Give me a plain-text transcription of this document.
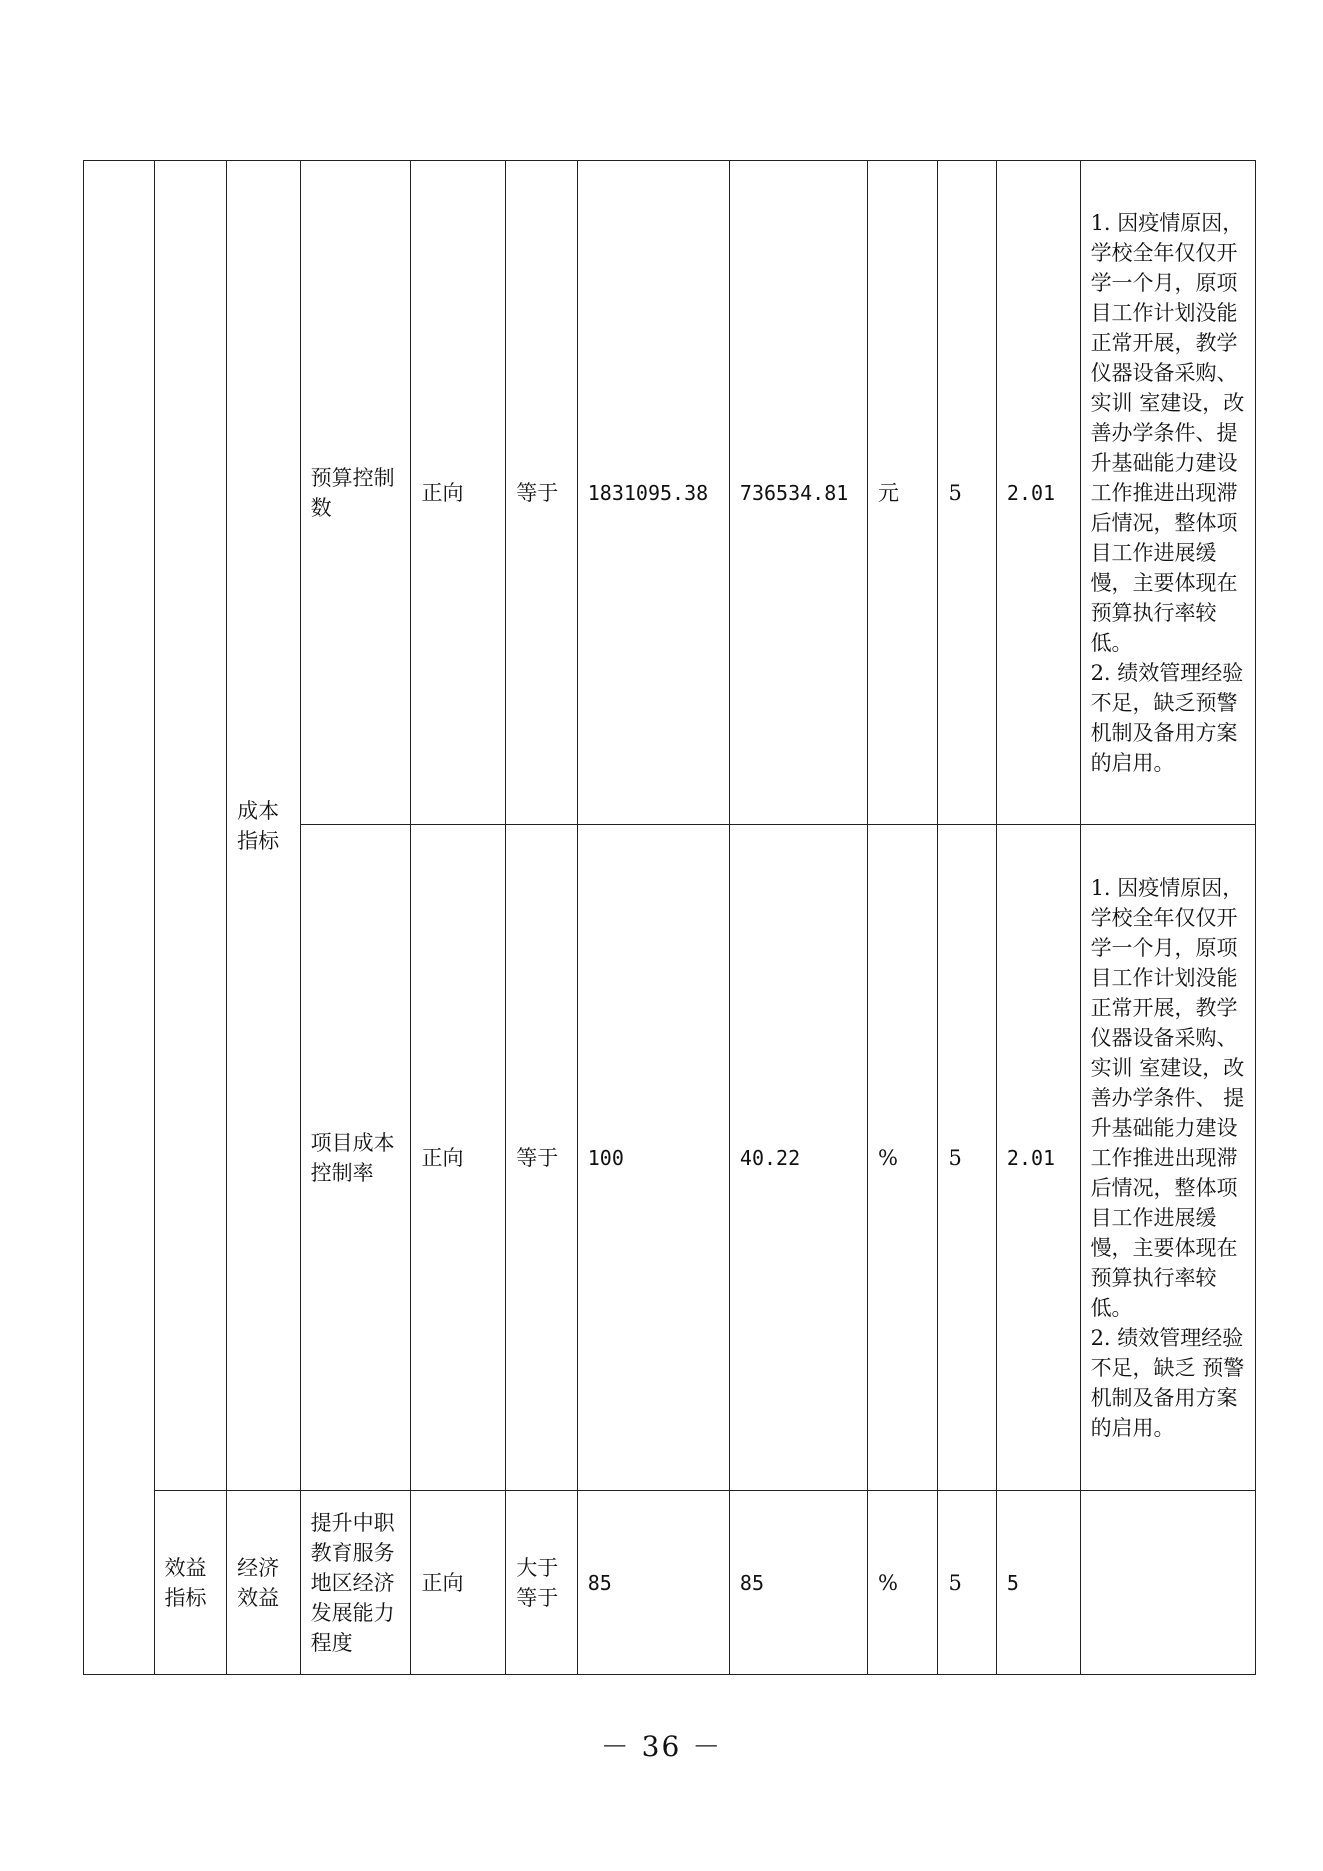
		成本指标	预算控制数	正向	等于	1831095.38	736534.81	元	5	2.01	1. 因疫情原因，学校全年仅仅开学一个月，原项目工作计划没能正常开展，教学仪器设备采购、实训 室建设，改善办学条件、提升基础能力建设工作推进出现滞后情况，整体项目工作进展缓慢，主要体现在预算执行率较低。
2. 绩效管理经验不足，缺乏预警机制及备用方案的启用。

			项目成本控制率	正向	等于	100	40.22	%	5	2.01	1. 因疫情原因，学校全年仅仅开学一个月，原项目工作计划没能正常开展，教学仪器设备采购、实训 室建设，改善办学条件、 提升基础能力建设工作推进出现滞后情况，整体项目工作进展缓慢，主要体现在预算执行率较低。
2. 绩效管理经验不足，缺乏 预警机制及备用方案的启用。

	效益指标	经济效益	提升中职教育服务地区经济发展能力程度	正向	大于等于	85	85	%	5	5	
－ 36 －
